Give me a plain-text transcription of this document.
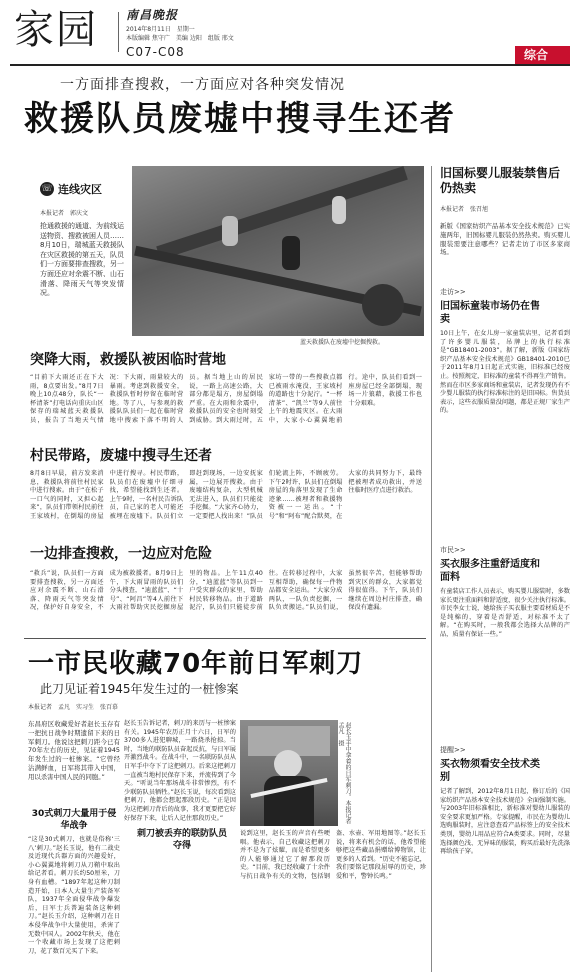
家园 南昌晚报
2014年8月11日　星期一
本版编辑 焦守广　美编 边阳　组版 邢文
C07-C08	综合
一方面排查搜救，一方面应对各种突发情况
救援队员废墟中搜寻生还者
☏ 连线灾区
本报记者　郭庆文
抢通救援的通道、为前线运送物资、搜救被困人员……8月10日，瑞城蓝天救援队在灾区救援的第五天，队员们一方面要排查搜救，另一方面还应对余震不断、山石滑落、降雨天气等突发情况。
蓝天救援队在废墟中挖掘搜救。
突降大雨，救援队被困临时营地
“目前下大雨还正在下大雨，8点要出发。”8月7日晚上10点48分，队长“一杯清茶”打电话向重庆山区保存的瑞城蓝天救援队员，报告了当地天气情况：下大雨，雨量较大的暴雨。考虑到救援安全，救援队暂时停留在临时营地。等了八，与参观的救援队队员们一起在临时营地中搜索下落不明的人员。据当地上山的居民说，一路上高速公路，大部分都是塌方，房屋倒塌严重。在大雨和余震中，救援队员的安全也时刻受到威胁。到大雨过时，五家坊一带的一些搜救点都已被雨水淹没，王家坡村的道路也十分泥泞。“一杯清茶”、“凯兰”等9人前往上午的地震灾区。在大雨中，大家小心翼翼地前行。途中，队员们看到一座房屋已经全部倒塌，现场一片狼藉，救援工作也十分艰难。
村民带路，废墟中搜寻生还者
8月8日早晨，前方发来消息，救援队将前往村民家中进行搜索。由于“在松子一口气的同时，又担心起来”，队员们带领村民前往王家坡村，在倒塌的房屋中进行搜寻。村民带路，队员们在废墟中仔细寻找，希望能找到生还者。上午9时，一名村民告诉队员，自己家的老人可能还被埋在废墟下。队员们立即赶到现场，一边安抚家属，一边展开搜救。由于废墟结构复杂，大型机械无法进入，队员们只能徒手挖掘。“大家齐心协力，一定要把人找出来！”队员们轮流上阵，不顾疲劳。下午2时许，队员们在倒塌房屋的角落里发现了生命迹象……被埋者和救援物资被一一运出。“十号”和“阿布”配合默契，在大家的共同努力下，最终把被埋者成功救出，并送往临时医疗点进行救治。
一边排查搜救，一边应对危险
“救兵”说，队员们一方面要排查搜救，另一方面还应对余震不断、山石滑落、降雨天气等突发情况，保护好自身安全，不成为被救援者。8月9日上午，下大雨冒雨的队员们分头搜查，“迪蓝蓝”、“十号”、“阿昌”等4人前往下大雨社帮助灾民挖掘房屋里的物品。上午11点40分，“迪蓝蓝”等队员到一户受灾群众的家里，帮助村民转移物品。由于道路泥泞，队员们只能徒步前往。在转移过程中，大家互相帮助，确保每一件物品都安全运出。“大家分成两队，一队负责挖掘，一队负责搬运。”队员们说，虽然很辛苦，但能够帮助到灾区的群众，大家都觉得很值得。下午，队员们继续在周边村庄排查，确保没有遗漏。
一市民收藏70年前日军刺刀
此刀见证着1945年发生过的一桩惨案
本报记者　孟凡　实习生　张百慕
东昌府区收藏爱好者赵长玉存有一把抗日战争时期遗留下来的日军刺刀。他说这把刺刀距今已有70年左右的历史，见证着1945年发生过的一桩惨案。“它曾经沾满鲜血，日军将其带入中国，用以杀害中国人民的同胞。”
30式刺刀大量用于侵华战争
“这是30式刺刀，也就是俗称‘三八’刺刀。”赵长玉说，他有二战史及近现代兵器方面的兴趣爱好，小心翼翼地将刺刀从刀鞘中取出给记者看。刺刀长约50厘米，刀身有血槽。“1897年起这种刀制造开始，日本人大量生产装备军队，1937年全面侵华战争爆发后，日军士兵普遍装备这种刺刀。”赵长玉介绍，这种刺刀在日本侵华战争中大量使用，杀害了无数中国人。2002年秋天，他在一个收藏市场上发现了这把刺刀，花了数百元买了下来。
赵长玉告诉记者，刺刀的来历与一桩惨案有关。1945年农历正月十六日，日军的3700多人进犯聊城，一路烧杀抢掠。当时，当地的联防队员奋起反抗，与日军展开激烈战斗。在战斗中，一名联防队员从日军手中夺下了这把刺刀。后来这把刺刀一直被当地村民保存下来，并流传到了今天。“听说当年那场战斗非常惨烈，有不少联防队员牺牲。”赵长玉说，每次看到这把刺刀，他都会想起那段历史。“正是因为这把刺刀背后的故事，我才更要把它好好保存下来，让后人记住那段历史。”
刺刀被丢弃的联防队员夺得
赵长玉手中拿着的日军刺刀。本报记者　孟凡　摄
说到这里，赵长玉的声音有些哽咽。他表示，自己收藏这把刺刀并不是为了炫耀，而是希望更多的人能够通过它了解那段历史。“目前，我已经收藏了十余件与抗日战争有关的文物，包括钢盔、水壶、军用地图等。”赵长玉说，将来有机会的话，他希望能够把这些藏品捐赠给博物馆，让更多的人看到。“历史不能忘记，我们要铭记那段屈辱的历史，珍爱和平，警钟长鸣。”
旧国标婴儿服装禁售后仍热卖
本报记者　张召旭
新版《国家纺织产品基本安全技术规范》已实施两年，旧国标婴儿服装仍然热卖。购买婴儿服装需要注意哪些？记者走访了市区多家商场。
走访>>
旧国标童装市场仍在售卖
10日上午，在女儿房一家童装店里，记者看到了许多婴儿服装，吊牌上的执行标准是“GB18401-2003”。据了解，新版《国家纺织产品基本安全技术规范》GB18401-2010已于2011年8月1日起正式实施，旧标准已经废止。按照规定，旧标准的童装不得再生产销售。然而在市区多家商场和童装店，记者发现仍有不少婴儿服装的执行标准标注的是旧国标。售货员表示，这些衣服质量没问题，都是正规厂家生产的。
市民>>
买衣服多注重舒适度和面料
有童装店工作人员表示，购买婴儿服装时，多数家长更注重面料和舒适度，很少关注执行标准。市民李女士说，她给孩子买衣服主要看材质是不是纯棉的，穿着是否舒适，对标准不太了解。“在购买时，一般我都会选择大品牌的产品，质量有保证一些。”
提醒>>
买衣物须看安全技术类别
记者了解到，2012年8月1日起，修订后的《国家纺织产品基本安全技术规范》全面强制实施。与2003年旧标准相比，新标准对婴幼儿服装的安全要求更加严格。专家提醒，市民在为婴幼儿选购服装时，应注意查看产品标签上的安全技术类别，婴幼儿用品应符合A类要求。同时，尽量选择颜色浅、无异味的服装，购买后最好先洗涤再给孩子穿。
